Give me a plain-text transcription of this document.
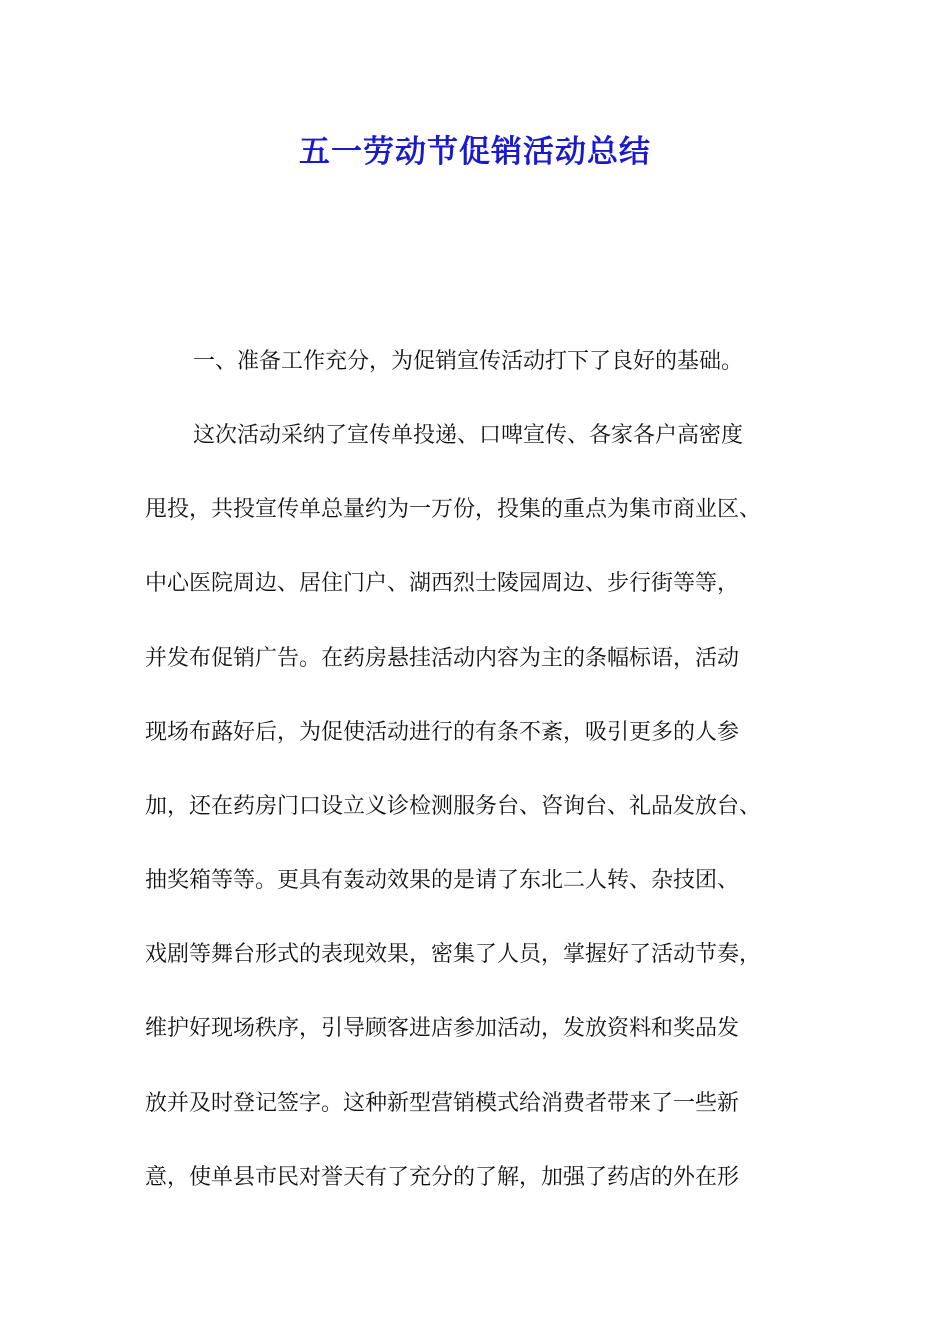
五一劳动节促销活动总结

一、准备工作充分，为促销宣传活动打下了良好的基础。

这次活动采纳了宣传单投递、口啤宣传、各家各户高密度

甩投，共投宣传单总量约为一万份，投集的重点为集市商业区、

中心医院周边、居住门户、湖西烈士陵园周边、步行街等等，

并发布促销广告。在药房悬挂活动内容为主的条幅标语，活动

现场布蕗好后，为促使活动进行的有条不紊，吸引更多的人参

加，还在药房门口设立义诊检测服务台、咨询台、礼品发放台、

抽奖箱等等。更具有轰动效果的是请了东北二人转、杂技团、

戏剧等舞台形式的表现效果，密集了人员，掌握好了活动节奏，

维护好现场秩序，引导顾客进店参加活动，发放资料和奖品发

放并及时登记签字。这种新型营销模式给消费者带来了一些新

意，使单县市民对誉天有了充分的了解，加强了药店的外在形
